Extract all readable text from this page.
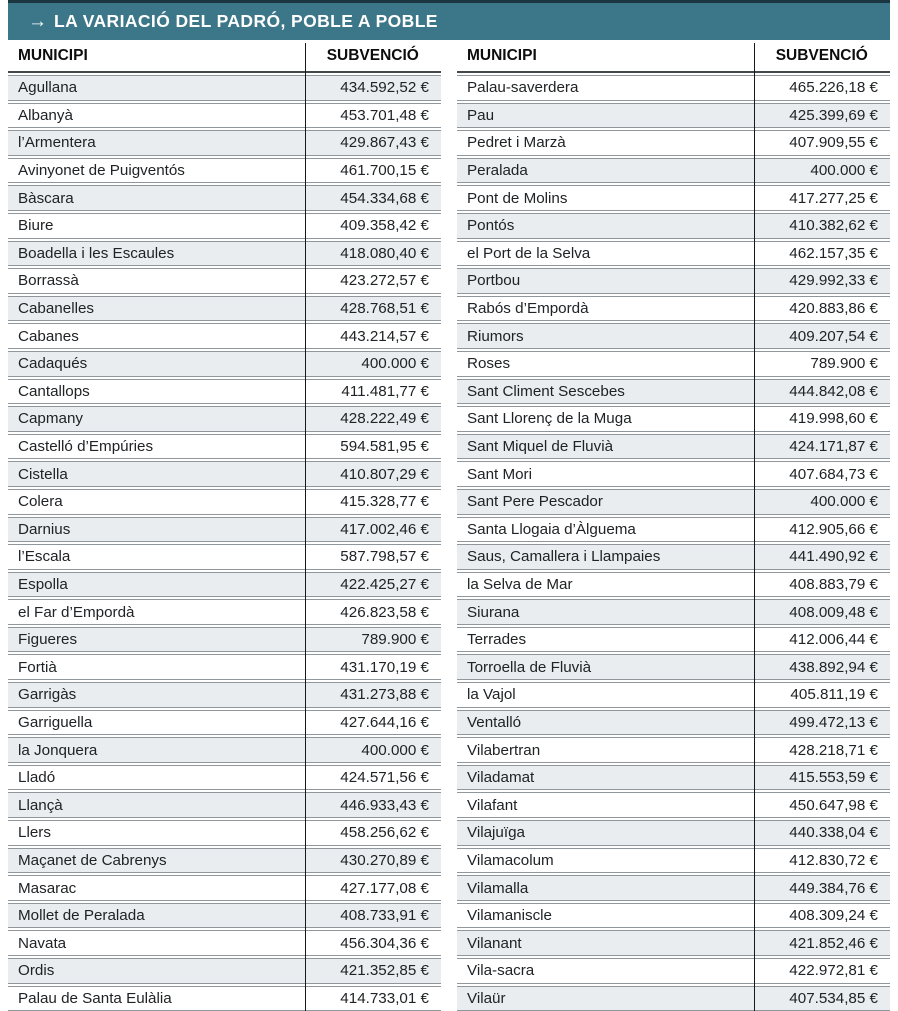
→ LA VARIACIÓ DEL PADRÓ, POBLE A POBLE
MUNICIPI	SUBVENCIÓ
Agullana	434.592,52 €
Albanyà	453.701,48 €
l’Armentera	429.867,43 €
Avinyonet de Puigventós	461.700,15 €
Bàscara	454.334,68 €
Biure	409.358,42 €
Boadella i les Escaules	418.080,40 €
Borrassà	423.272,57 €
Cabanelles	428.768,51 €
Cabanes	443.214,57 €
Cadaqués	400.000 €
Cantallops	411.481,77 €
Capmany	428.222,49 €
Castelló d’Empúries	594.581,95 €
Cistella	410.807,29 €
Colera	415.328,77 €
Darnius	417.002,46 €
l’Escala	587.798,57 €
Espolla	422.425,27 €
el Far d’Empordà	426.823,58 €
Figueres	789.900 €
Fortià	431.170,19 €
Garrigàs	431.273,88 €
Garriguella	427.644,16 €
la Jonquera	400.000 €
Lladó	424.571,56 €
Llançà	446.933,43 €
Llers	458.256,62 €
Maçanet de Cabrenys	430.270,89 €
Masarac	427.177,08 €
Mollet de Peralada	408.733,91 €
Navata	456.304,36 €
Ordis	421.352,85 €
Palau de Santa Eulàlia	414.733,01 €
MUNICIPI	SUBVENCIÓ
Palau-saverdera	465.226,18 €
Pau	425.399,69 €
Pedret i Marzà	407.909,55 €
Peralada	400.000 €
Pont de Molins	417.277,25 €
Pontós	410.382,62 €
el Port de la Selva	462.157,35 €
Portbou	429.992,33 €
Rabós d’Empordà	420.883,86 €
Riumors	409.207,54 €
Roses	789.900 €
Sant Climent Sescebes	444.842,08 €
Sant Llorenç de la Muga	419.998,60 €
Sant Miquel de Fluvià	424.171,87 €
Sant Mori	407.684,73 €
Sant Pere Pescador	400.000 €
Santa Llogaia d’Àlguema	412.905,66 €
Saus, Camallera i Llampaies	441.490,92 €
la Selva de Mar	408.883,79 €
Siurana	408.009,48 €
Terrades	412.006,44 €
Torroella de Fluvià	438.892,94 €
la Vajol	405.811,19 €
Ventalló	499.472,13 €
Vilabertran	428.218,71 €
Viladamat	415.553,59 €
Vilafant	450.647,98 €
Vilajuïga	440.338,04 €
Vilamacolum	412.830,72 €
Vilamalla	449.384,76 €
Vilamaniscle	408.309,24 €
Vilanant	421.852,46 €
Vila-sacra	422.972,81 €
Vilaür	407.534,85 €
